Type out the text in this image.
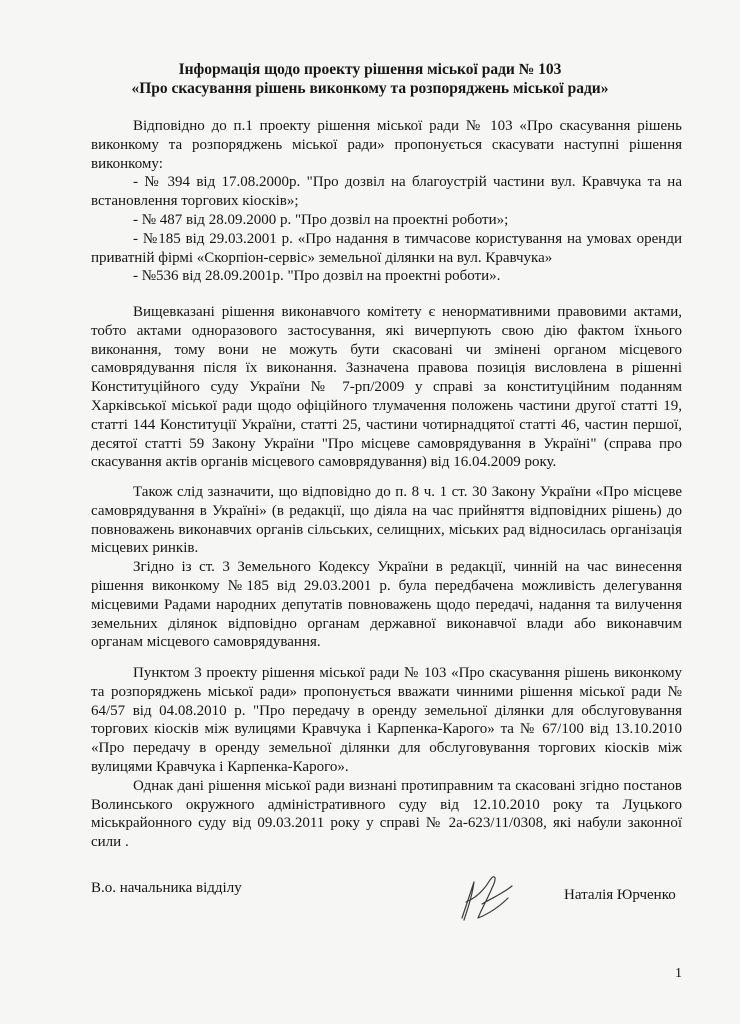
Інформація щодо проекту рішення міської ради № 103
«Про скасування рішень виконкому та розпоряджень міської ради»

Відповідно до п.1 проекту рішення міської ради № 103 «Про скасування рішень виконкому та розпоряджень міської ради» пропонується скасувати наступні рішення виконкому:

- № 394 від 17.08.2000р. "Про дозвіл на благоустрій частини вул. Кравчука та на встановлення торгових кіосків»;

- № 487 від 28.09.2000 р. "Про дозвіл на проектні роботи»;

- №185 від 29.03.2001 р. «Про надання в тимчасове користування на умовах оренди приватній фірмі «Скорпіон-сервіс» земельної ділянки на вул. Кравчука»

- №536 від 28.09.2001р. "Про дозвіл на проектні роботи».

Вищевказані рішення виконавчого комітету є ненормативними правовими актами, тобто актами одноразового застосування, які вичерпують свою дію фактом їхнього виконання, тому вони не можуть бути скасовані чи змінені органом місцевого самоврядування після їх виконання. Зазначена правова позиція висловлена в рішенні Конституційного суду України № 7-рп/2009 у справі за конституційним поданням Харківської міської ради щодо офіційного тлумачення положень частини другої статті 19, статті 144 Конституції України, статті 25, частини чотирнадцятої статті 46, частин першої, десятої статті 59 Закону України "Про місцеве самоврядування в Україні" (справа про скасування актів органів місцевого самоврядування) від 16.04.2009 року.

Також слід зазначити, що відповідно до п. 8 ч. 1 ст. 30 Закону України «Про місцеве самоврядування в Україні» (в редакції, що діяла на час прийняття відповідних рішень) до повноважень виконавчих органів сільських, селищних, міських рад відносилась організація місцевих ринків.

Згідно із ст. 3 Земельного Кодексу України в редакції, чинній на час винесення рішення виконкому №185 від 29.03.2001 р. була передбачена можливість делегування місцевими Радами народних депутатів повноважень щодо передачі, надання та вилучення земельних ділянок відповідно органам державної виконавчої влади або виконавчим органам місцевого самоврядування.

Пунктом 3 проекту рішення міської ради № 103 «Про скасування рішень виконкому та розпоряджень міської ради» пропонується вважати чинними рішення міської ради № 64/57 від 04.08.2010 р. "Про передачу в оренду земельної ділянки для обслуговування торгових кіосків між вулицями Кравчука і Карпенка-Карого» та № 67/100 від 13.10.2010 «Про передачу в оренду земельної ділянки для обслуговування торгових кіосків між вулицями Кравчука і Карпенка-Карого».

Однак дані рішення міської ради визнані протиправним та скасовані згідно постанов Волинського окружного адміністративного суду від 12.10.2010 року та Луцького міськрайонного суду від 09.03.2011 року у справі № 2а-623/11/0308, які набули законної сили .

В.о. начальника відділу	Наталія Юрченко
1
